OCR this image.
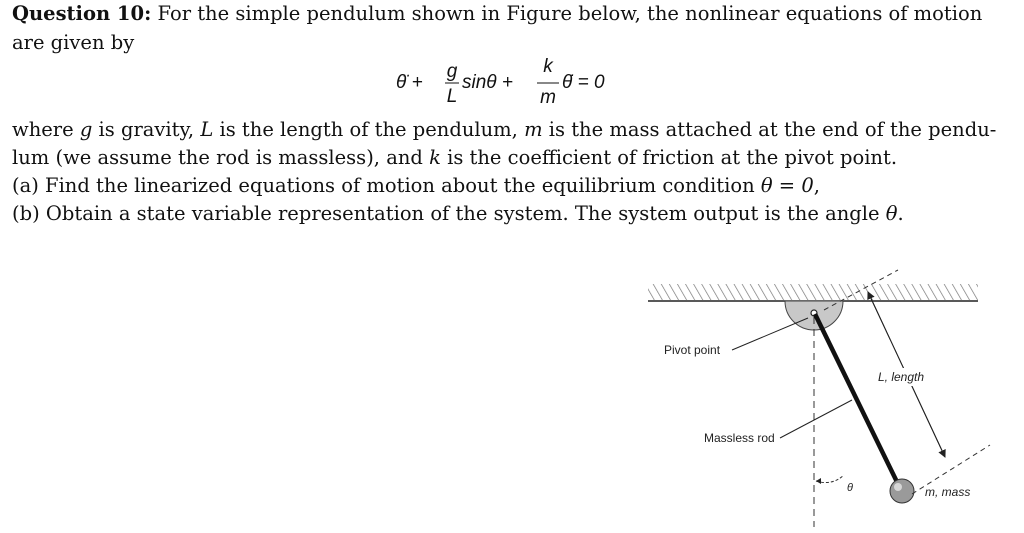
Question 10: For the simple pendulum shown in Figure below, the nonlinear equations of motion
are given by
θ̈ +
g
L
sinθ +
k
m
θ̇ = 0
where g is gravity, L is the length of the pendulum, m is the mass attached at the end of the pendu-
lum (we assume the rod is massless), and k is the coefficient of friction at the pivot point.
(a) Find the linearized equations of motion about the equilibrium condition θ = 0,
(b) Obtain a state variable representation of the system. The system output is the angle θ.
L, length
θ
Pivot point
Massless rod
m, mass
